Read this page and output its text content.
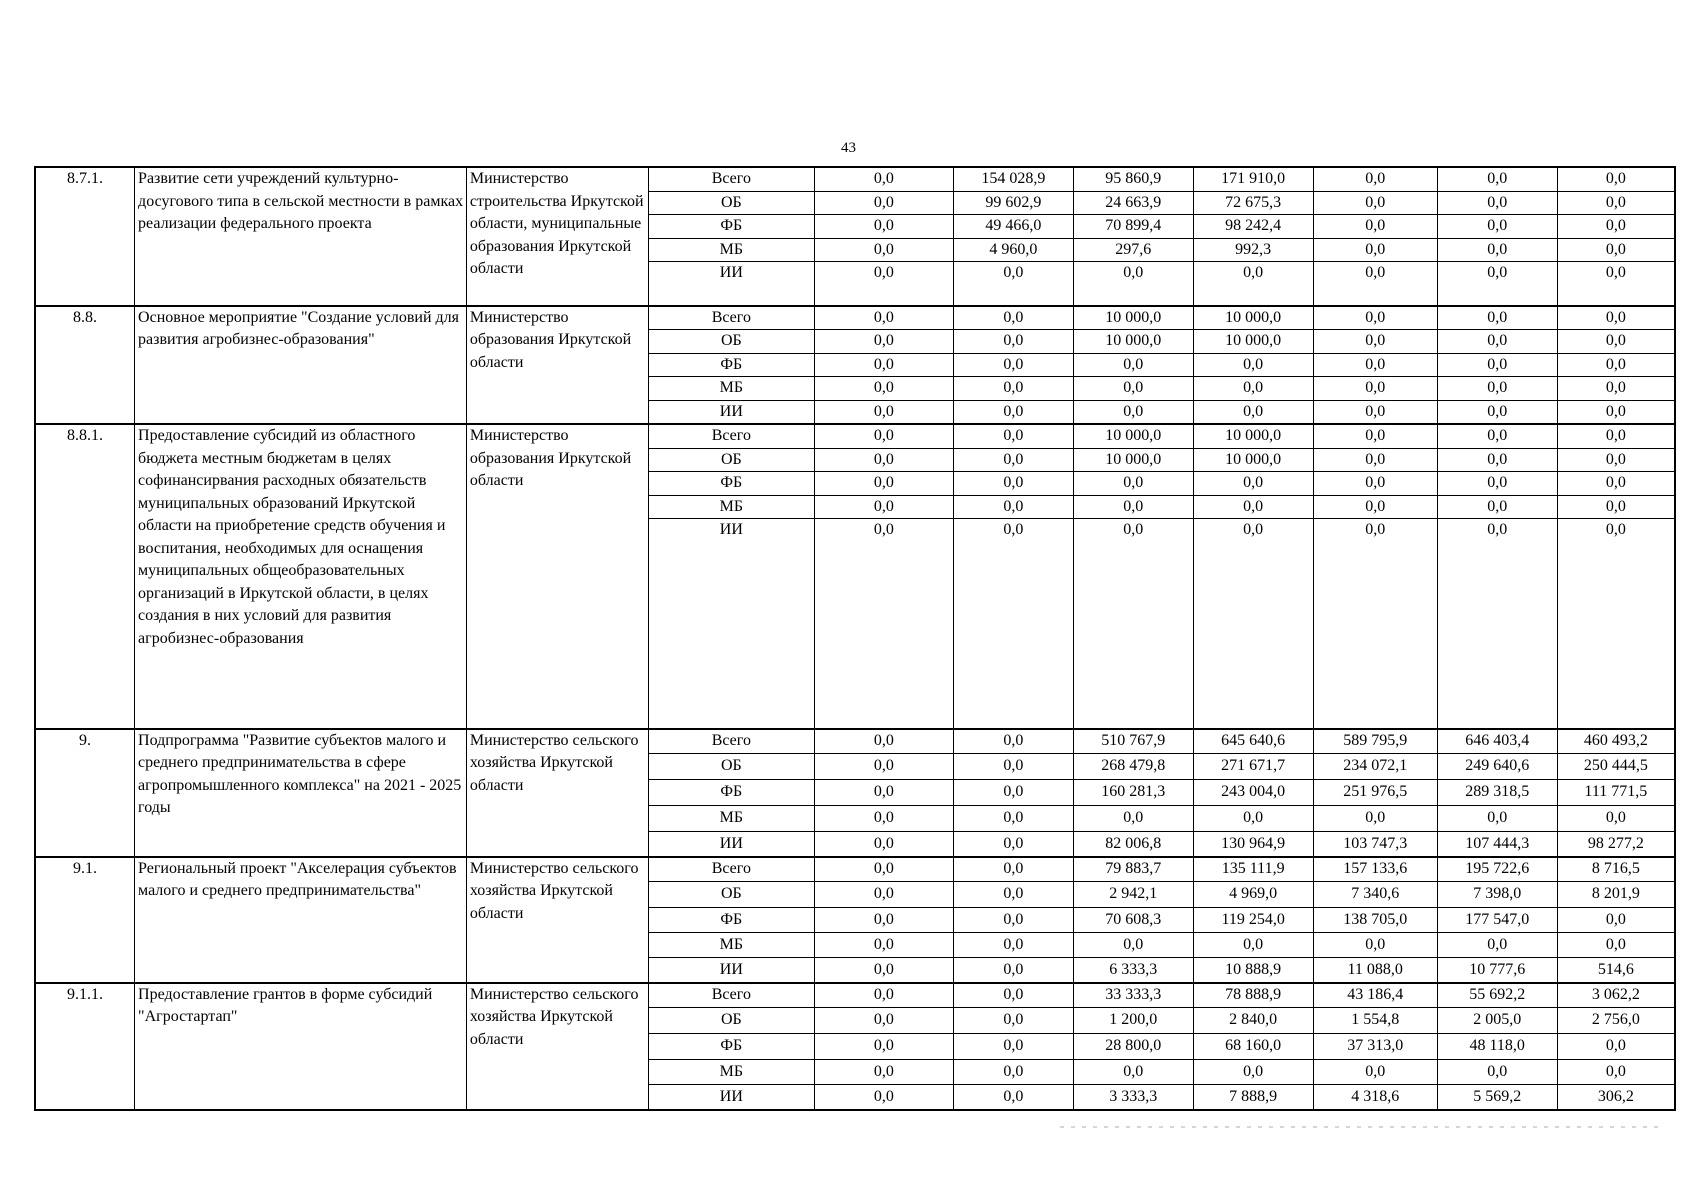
43
8.7.1.	Развитие сети учреждений культурно-досугового типа в сельской местности в рамках реализации федерального проекта	Министерство строительства Иркутской области, муниципальные образования Иркутской области	Всего	0,0	154 028,9	95 860,9	171 910,0	0,0	0,0	0,0
			ОБ	0,0	99 602,9	24 663,9	72 675,3	0,0	0,0	0,0
			ФБ	0,0	49 466,0	70 899,4	98 242,4	0,0	0,0	0,0
			МБ	0,0	4 960,0	297,6	992,3	0,0	0,0	0,0
			ИИ	0,0	0,0	0,0	0,0	0,0	0,0	0,0
8.8.	Основное мероприятие "Создание условий для развития агробизнес-образования"	Министерство образования Иркутской области	Всего	0,0	0,0	10 000,0	10 000,0	0,0	0,0	0,0
			ОБ	0,0	0,0	10 000,0	10 000,0	0,0	0,0	0,0
			ФБ	0,0	0,0	0,0	0,0	0,0	0,0	0,0
			МБ	0,0	0,0	0,0	0,0	0,0	0,0	0,0
			ИИ	0,0	0,0	0,0	0,0	0,0	0,0	0,0
8.8.1.	Предоставление субсидий из областного бюджета местным бюджетам в целях софинансирвания расходных обязательств муниципальных образований Иркутской области на приобретение средств обучения и воспитания, необходимых для оснащения муниципальных общеобразовательных организаций в Иркутской области, в целях создания в них условий для развития агробизнес-образования	Министерство образования Иркутской области	Всего	0,0	0,0	10 000,0	10 000,0	0,0	0,0	0,0
			ОБ	0,0	0,0	10 000,0	10 000,0	0,0	0,0	0,0
			ФБ	0,0	0,0	0,0	0,0	0,0	0,0	0,0
			МБ	0,0	0,0	0,0	0,0	0,0	0,0	0,0
			ИИ	0,0	0,0	0,0	0,0	0,0	0,0	0,0
9.	Подпрограмма "Развитие субъектов малого и среднего предпринимательства в сфере агропромышленного комплекса" на 2021 - 2025 годы	Министерство сельского хозяйства Иркутской области	Всего	0,0	0,0	510 767,9	645 640,6	589 795,9	646 403,4	460 493,2
			ОБ	0,0	0,0	268 479,8	271 671,7	234 072,1	249 640,6	250 444,5
			ФБ	0,0	0,0	160 281,3	243 004,0	251 976,5	289 318,5	111 771,5
			МБ	0,0	0,0	0,0	0,0	0,0	0,0	0,0
			ИИ	0,0	0,0	82 006,8	130 964,9	103 747,3	107 444,3	98 277,2
9.1.	Региональный проект "Акселерация субъектов малого и среднего предпринимательства"	Министерство сельского хозяйства Иркутской области	Всего	0,0	0,0	79 883,7	135 111,9	157 133,6	195 722,6	8 716,5
			ОБ	0,0	0,0	2 942,1	4 969,0	7 340,6	7 398,0	8 201,9
			ФБ	0,0	0,0	70 608,3	119 254,0	138 705,0	177 547,0	0,0
			МБ	0,0	0,0	0,0	0,0	0,0	0,0	0,0
			ИИ	0,0	0,0	6 333,3	10 888,9	11 088,0	10 777,6	514,6
9.1.1.	Предоставление грантов в форме субсидий "Агростартап"	Министерство сельского хозяйства Иркутской области	Всего	0,0	0,0	33 333,3	78 888,9	43 186,4	55 692,2	3 062,2
			ОБ	0,0	0,0	1 200,0	2 840,0	1 554,8	2 005,0	2 756,0
			ФБ	0,0	0,0	28 800,0	68 160,0	37 313,0	48 118,0	0,0
			МБ	0,0	0,0	0,0	0,0	0,0	0,0	0,0
			ИИ	0,0	0,0	3 333,3	7 888,9	4 318,6	5 569,2	306,2
